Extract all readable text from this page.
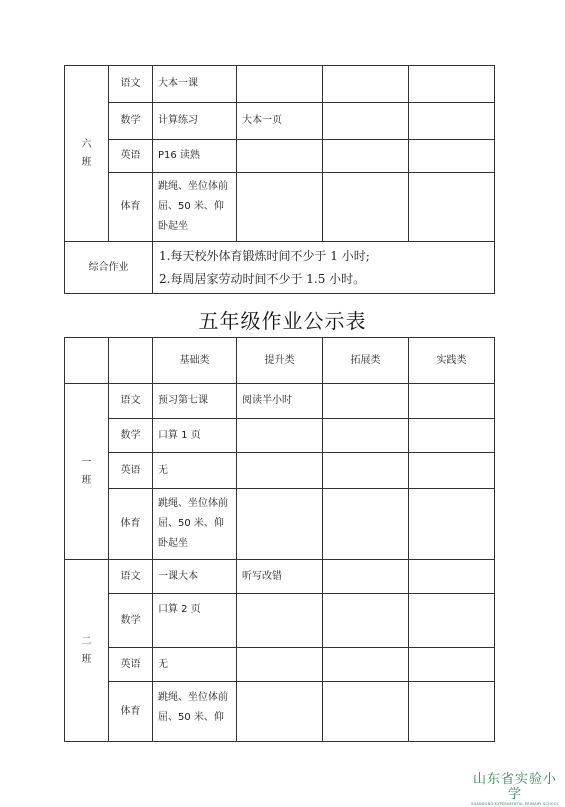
六
班	语文	大本一课			
	数学	计算练习	大本一页		
	英语	P16 读熟			
	体育	跳绳、坐位体前
屈、50 米、仰
卧起坐			
综合作业		1.每天校外体育锻炼时间不少于 1 小时;
2.每周居家劳动时间不少于 1.5 小时。			
五年级作业公示表
		基础类	提升类	拓展类	实践类
一
班	语文	预习第七课	阅读半小时		
	数学	口算 1 页			
	英语	无			
	体育	跳绳、坐位体前
屈、50 米、仰
卧起坐			
二
班	语文	一课大本	听写改错		
	数学	口算 2 页			
	英语	无			
	体育	跳绳、坐位体前
屈、50 米、仰			
山东省实验小学
SHANDONG EXPERIMENTAL PRIMARY SCHOOL
